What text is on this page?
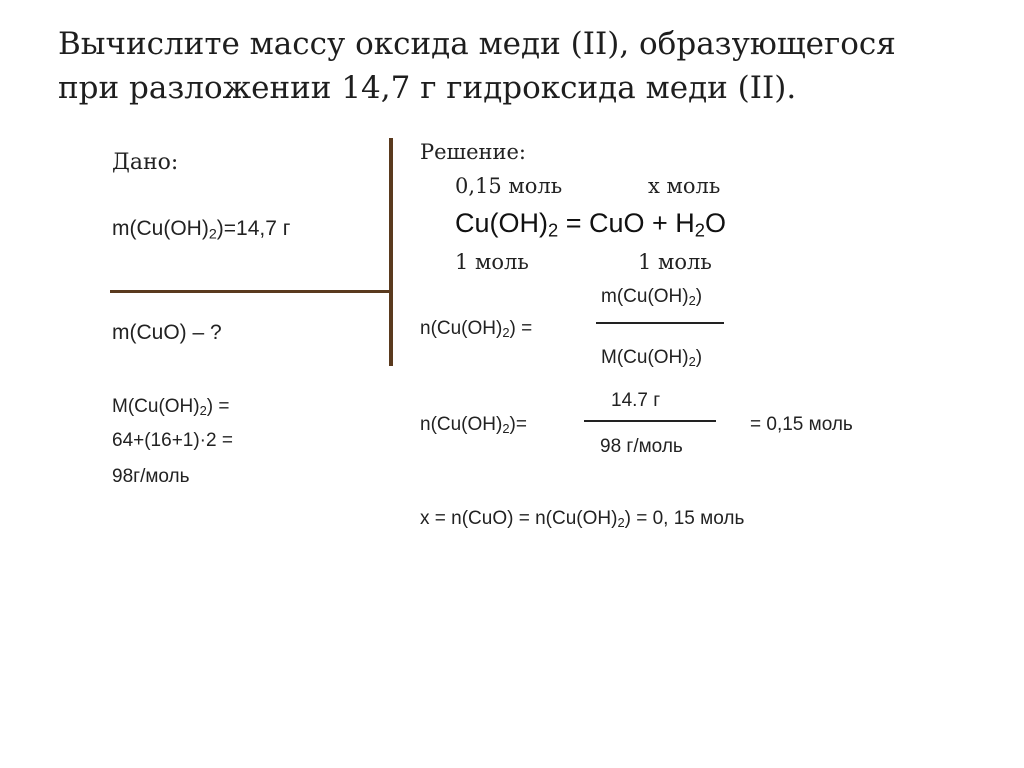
Вычислите массу оксида меди (II), образующегося
при разложении 14,7 г гидроксида меди (II).
Дано:
$m(Cu(OH)_2)=14,7$ г
m(CuO) – ?
$M(Cu(OH)_2)$ =
64+(16+1)·2 =
98г/моль
Решение:
0,15 моль	x моль
$Cu(OH)_2$ = CuO + $H_2O$
1 моль	1 моль
$m(Cu(OH)_2)$
$n(Cu(OH)_2)$ =
$M(Cu(OH)_2)$
14.7 г
$n(Cu(OH)_2)=$
98 г/моль
= 0,15 моль
$x = n(CuO) = n(Cu(OH)_2) = 0$, 15 моль
